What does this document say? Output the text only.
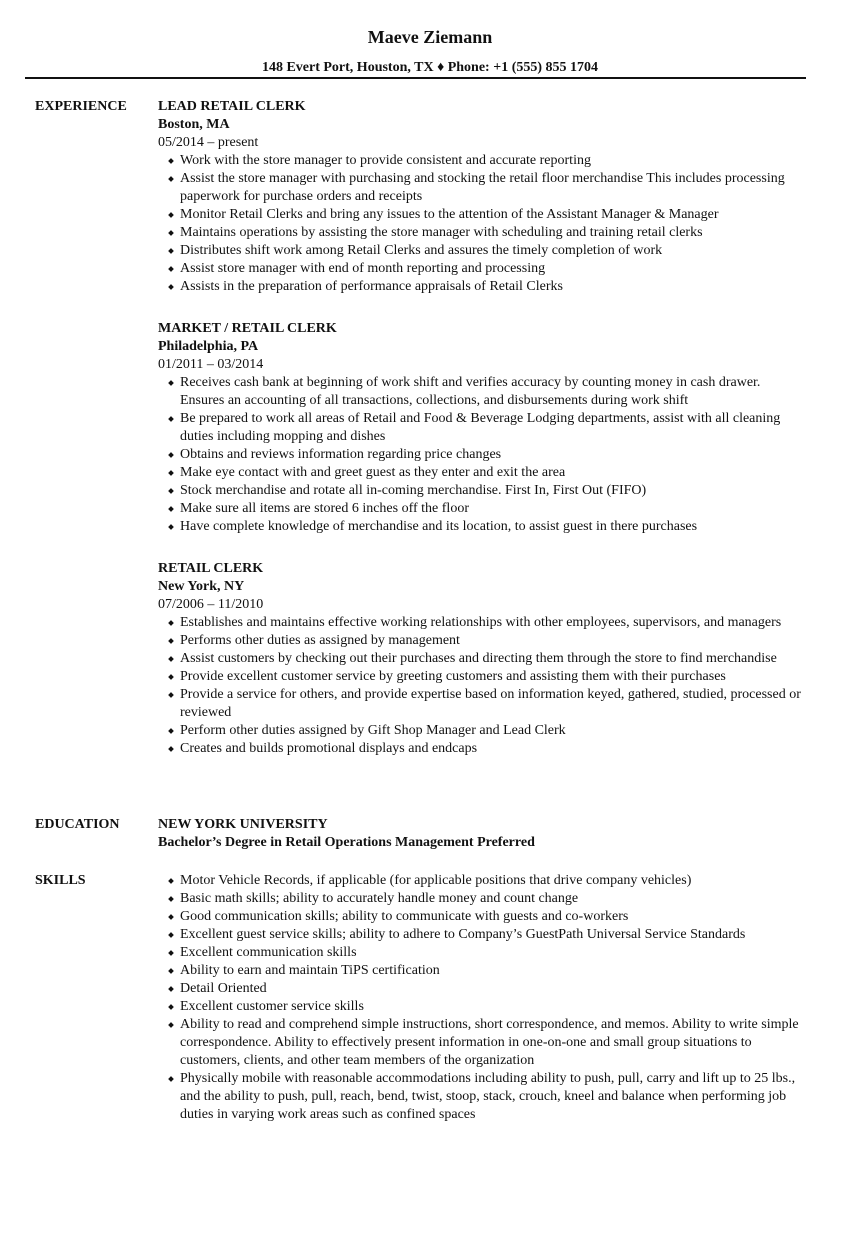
Maeve Ziemann
148 Evert Port, Houston, TX ♦ Phone: +1 (555) 855 1704
EXPERIENCE LEAD RETAIL CLERK
Boston, MA
05/2014 – present
Work with the store manager to provide consistent and accurate reporting
Assist the store manager with purchasing and stocking the retail floor merchandise This includes processing paperwork for purchase orders and receipts
Monitor Retail Clerks and bring any issues to the attention of the Assistant Manager & Manager
Maintains operations by assisting the store manager with scheduling and training retail clerks
Distributes shift work among Retail Clerks and assures the timely completion of work
Assist store manager with end of month reporting and processing
Assists in the preparation of performance appraisals of Retail Clerks
MARKET / RETAIL CLERK
Philadelphia, PA
01/2011 – 03/2014
Receives cash bank at beginning of work shift and verifies accuracy by counting money in cash drawer. Ensures an accounting of all transactions, collections, and disbursements during work shift
Be prepared to work all areas of Retail and Food & Beverage Lodging departments, assist with all cleaning duties including mopping and dishes
Obtains and reviews information regarding price changes
Make eye contact with and greet guest as they enter and exit the area
Stock merchandise and rotate all in-coming merchandise. First In, First Out (FIFO)
Make sure all items are stored 6 inches off the floor
Have complete knowledge of merchandise and its location, to assist guest in there purchases
RETAIL CLERK
New York, NY
07/2006 – 11/2010
Establishes and maintains effective working relationships with other employees, supervisors, and managers
Performs other duties as assigned by management
Assist customers by checking out their purchases and directing them through the store to find merchandise
Provide excellent customer service by greeting customers and assisting them with their purchases
Provide a service for others, and provide expertise based on information keyed, gathered, studied, processed or reviewed
Perform other duties assigned by Gift Shop Manager and Lead Clerk
Creates and builds promotional displays and endcaps
EDUCATION	NEW YORK UNIVERSITY
Bachelor’s Degree in Retail Operations Management Preferred
SKILLS	Motor Vehicle Records, if applicable (for applicable positions that drive company vehicles)
Basic math skills; ability to accurately handle money and count change
Good communication skills; ability to communicate with guests and co-workers
Excellent guest service skills; ability to adhere to Company’s GuestPath Universal Service Standards
Excellent communication skills
Ability to earn and maintain TiPS certification
Detail Oriented
Excellent customer service skills
Ability to read and comprehend simple instructions, short correspondence, and memos. Ability to write simple correspondence. Ability to effectively present information in one-on-one and small group situations to customers, clients, and other team members of the organization
Physically mobile with reasonable accommodations including ability to push, pull, carry and lift up to 25 lbs., and the ability to push, pull, reach, bend, twist, stoop, stack, crouch, kneel and balance when performing job duties in varying work areas such as confined spaces
